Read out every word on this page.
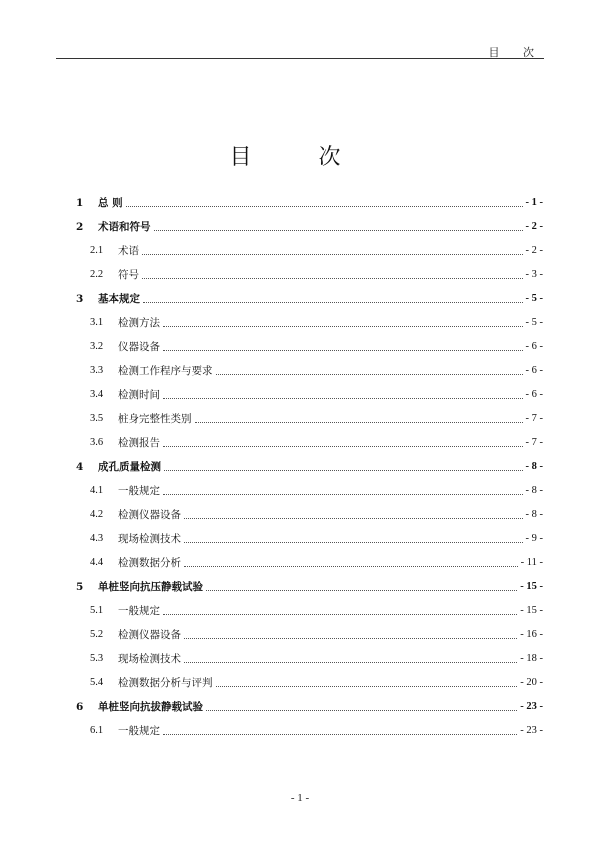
目 次
目 次
1	总 则	- 1 -
2	术语和符号	- 2 -
2.1	术语	- 2 -
2.2	符号	- 3 -
3	基本规定	- 5 -
3.1	检测方法	- 5 -
3.2	仪器设备	- 6 -
3.3	检测工作程序与要求	- 6 -
3.4	检测时间	- 6 -
3.5	桩身完整性类别	- 7 -
3.6	检测报告	- 7 -
4	成孔质量检测	- 8 -
4.1	一般规定	- 8 -
4.2	检测仪器设备	- 8 -
4.3	现场检测技术	- 9 -
4.4	检测数据分析	- 11 -
5	单桩竖向抗压静载试验	- 15 -
5.1	一般规定	- 15 -
5.2	检测仪器设备	- 16 -
5.3	现场检测技术	- 18 -
5.4	检测数据分析与评判	- 20 -
6	单桩竖向抗拔静载试验	- 23 -
6.1	一般规定	- 23 -
- 1 -
